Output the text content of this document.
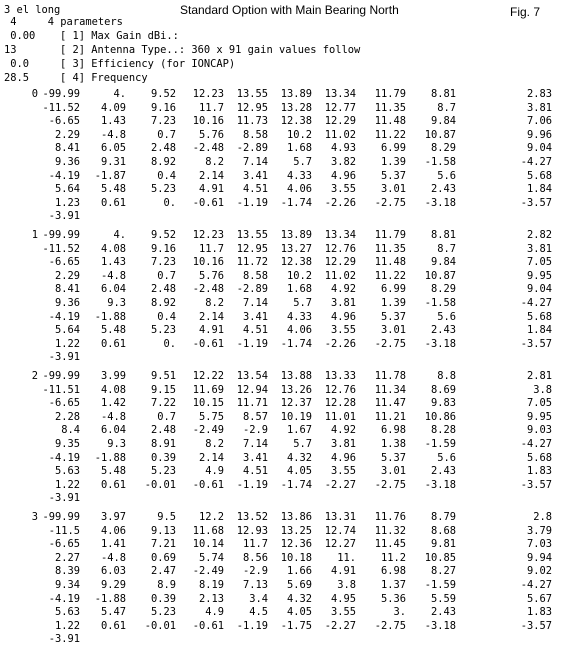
3 el long	Standard Option with Main Bearing North	Fig. 7
4     4 parameters
0.00 [ 1] Max Gain dBi.:
13	[ 2] Antenna Type..: 360 x 91 gain values follow
0.0	[ 3] Efficiency (for IONCAP)
28.5	[ 4] Frequency
0 -99.99	4.	9.52	12.23	13.55	13.89	13.34	11.79	8.81	2.83
-11.52	4.09	9.16	11.7	12.95	13.28	12.77	11.35	8.7	3.81
-6.65	1.43	7.23	10.16	11.73	12.38	12.29	11.48	9.84	7.06
2.29	-4.8	0.7	5.76	8.58	10.2	11.02	11.22	10.87	9.96
8.41	6.05	2.48	-2.48	-2.89	1.68	4.93	6.99	8.29	9.04
9.36	9.31	8.92	8.2	7.14	5.7	3.82	1.39	-1.58	-4.27
-4.19	-1.87	0.4	2.14	3.41	4.33	4.96	5.37	5.6	5.68
5.64	5.48	5.23	4.91	4.51	4.06	3.55	3.01	2.43	1.84
1.23	0.61	0.	-0.61	-1.19	-1.74	-2.26	-2.75	-3.18	-3.57
-3.91
1 -99.99	4.	9.52	12.23	13.55	13.89	13.34	11.79	8.81	2.82
-11.52	4.08	9.16	11.7	12.95	13.27	12.76	11.35	8.7	3.81
-6.65	1.43	7.23	10.16	11.72	12.38	12.29	11.48	9.84	7.05
2.29	-4.8	0.7	5.76	8.58	10.2	11.02	11.22	10.87	9.95
8.41	6.04	2.48	-2.48	-2.89	1.68	4.92	6.99	8.29	9.04
9.36	9.3	8.92	8.2	7.14	5.7	3.81	1.39	-1.58	-4.27
-4.19	-1.88	0.4	2.14	3.41	4.33	4.96	5.37	5.6	5.68
5.64	5.48	5.23	4.91	4.51	4.06	3.55	3.01	2.43	1.84
1.22	0.61	0.	-0.61	-1.19	-1.74	-2.26	-2.75	-3.18	-3.57
-3.91
2 -99.99	3.99	9.51	12.22	13.54	13.88	13.33	11.78	8.8	2.81
-11.51	4.08	9.15	11.69	12.94	13.26	12.76	11.34	8.69	3.8
-6.65	1.42	7.22	10.15	11.71	12.37	12.28	11.47	9.83	7.05
2.28	-4.8	0.7	5.75	8.57	10.19	11.01	11.21	10.86	9.95
8.4	6.04	2.48	-2.49	-2.9	1.67	4.92	6.98	8.28	9.03
9.35	9.3	8.91	8.2	7.14	5.7	3.81	1.38	-1.59	-4.27
-4.19	-1.88	0.39	2.14	3.41	4.32	4.96	5.37	5.6	5.68
5.63	5.48	5.23	4.9	4.51	4.05	3.55	3.01	2.43	1.83
1.22	0.61	-0.01	-0.61	-1.19	-1.74	-2.27	-2.75	-3.18	-3.57
-3.91
3 -99.99	3.97	9.5	12.2	13.52	13.86	13.31	11.76	8.79	2.8
-11.5	4.06	9.13	11.68	12.93	13.25	12.74	11.32	8.68	3.79
-6.65	1.41	7.21	10.14	11.7	12.36	12.27	11.45	9.81	7.03
2.27	-4.8	0.69	5.74	8.56	10.18	11.	11.2	10.85	9.94
8.39	6.03	2.47	-2.49	-2.9	1.66	4.91	6.98	8.27	9.02
9.34	9.29	8.9	8.19	7.13	5.69	3.8	1.37	-1.59	-4.27
-4.19	-1.88	0.39	2.13	3.4	4.32	4.95	5.36	5.59	5.67
5.63	5.47	5.23	4.9	4.5	4.05	3.55	3.	2.43	1.83
1.22	0.61	-0.01	-0.61	-1.19	-1.75	-2.27	-2.75	-3.18	-3.57
-3.91
